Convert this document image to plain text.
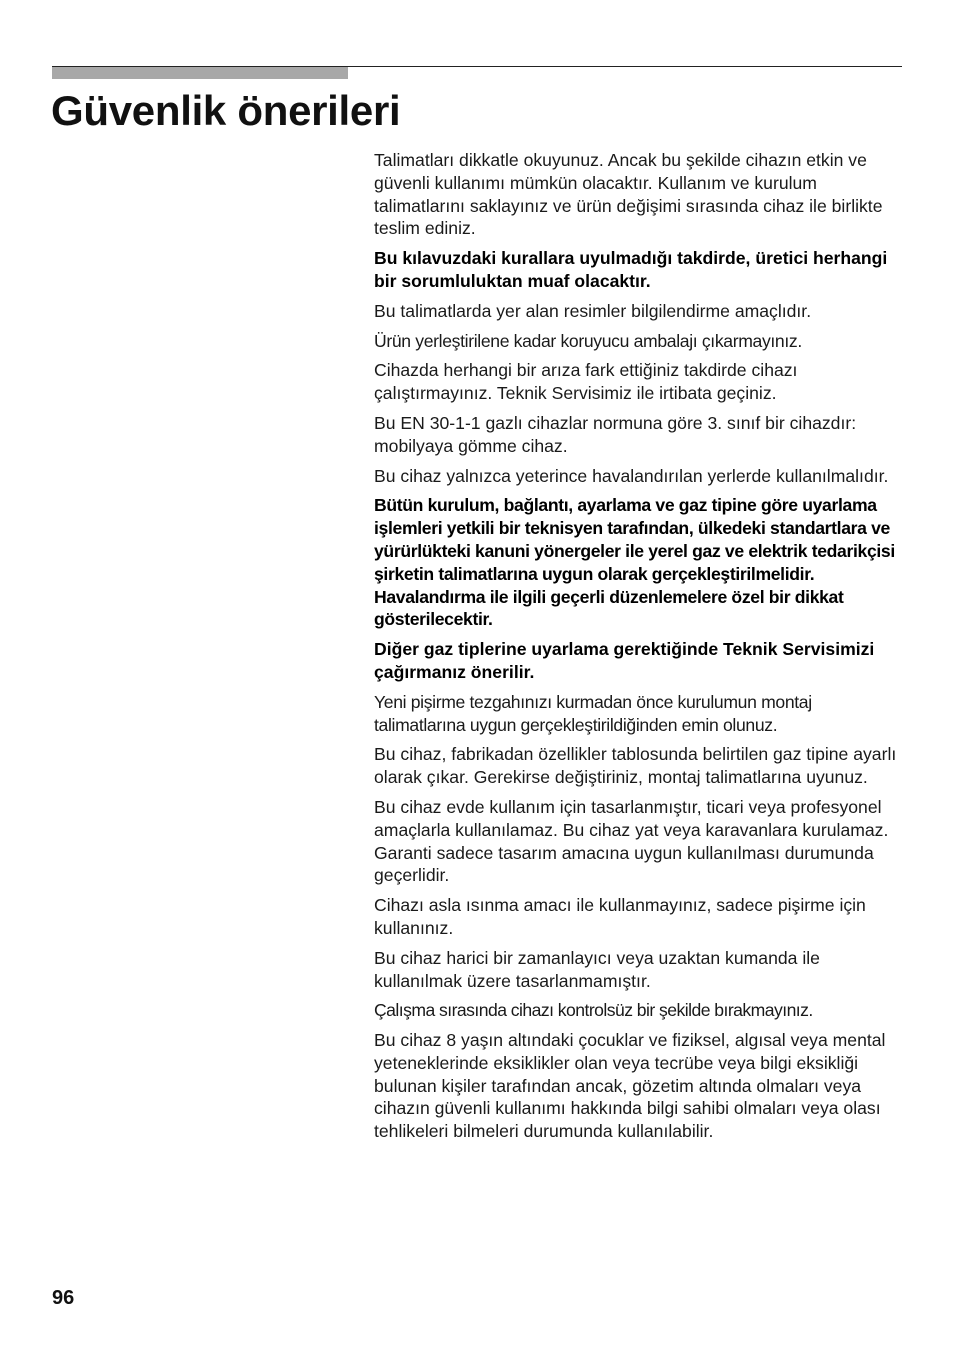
Güvenlik önerileri

Talimatları dikkatle okuyunuz. Ancak bu şekilde cihazın etkin ve güvenli kullanımı mümkün olacaktır. Kullanım ve kurulum talimatlarını saklayınız ve ürün değişimi sırasında cihaz ile birlikte teslim ediniz.

Bu kılavuzdaki kurallara uyulmadığı takdirde, üretici herhangi bir sorumluluktan muaf olacaktır.

Bu talimatlarda yer alan resimler bilgilendirme amaçlıdır.

Ürün yerleştirilene kadar koruyucu ambalajı çıkarmayınız.

Cihazda herhangi bir arıza fark ettiğiniz takdirde cihazı çalıştırmayınız. Teknik Servisimiz ile irtibata geçiniz.

Bu EN 30-1-1 gazlı cihazlar normuna göre 3. sınıf bir cihazdır: mobilyaya gömme cihaz.

Bu cihaz yalnızca yeterince havalandırılan yerlerde kullanılmalıdır.

Bütün kurulum, bağlantı, ayarlama ve gaz tipine göre uyarlama işlemleri yetkili bir teknisyen tarafından, ülkedeki standartlara ve yürürlükteki kanuni yönergeler ile yerel gaz ve elektrik tedarikçisi şirketin talimatlarına uygun olarak gerçekleştirilmelidir. Havalandırma ile ilgili geçerli düzenlemelere özel bir dikkat gösterilecektir.

Diğer gaz tiplerine uyarlama gerektiğinde Teknik Servisimizi çağırmanız önerilir.

Yeni pişirme tezgahınızı kurmadan önce kurulumun montaj talimatlarına uygun gerçekleştirildiğinden emin olunuz.

Bu cihaz, fabrikadan özellikler tablosunda belirtilen gaz tipine ayarlı olarak çıkar. Gerekirse değiştiriniz, montaj talimatlarına uyunuz.

Bu cihaz evde kullanım için tasarlanmıştır, ticari veya profesyonel amaçlarla kullanılamaz. Bu cihaz yat veya karavanlara kurulamaz. Garanti sadece tasarım amacına uygun kullanılması durumunda geçerlidir.

Cihazı asla ısınma amacı ile kullanmayınız, sadece pişirme için kullanınız.

Bu cihaz harici bir zamanlayıcı veya uzaktan kumanda ile kullanılmak üzere tasarlanmamıştır.

Çalışma sırasında cihazı kontrolsüz bir şekilde bırakmayınız.

Bu cihaz 8 yaşın altındaki çocuklar ve fiziksel, algısal veya mental yeteneklerinde eksiklikler olan veya tecrübe veya bilgi eksikliği bulunan kişiler tarafından ancak, gözetim altında olmaları veya cihazın güvenli kullanımı hakkında bilgi sahibi olmaları veya olası tehlikeleri bilmeleri durumunda kullanılabilir.

96
